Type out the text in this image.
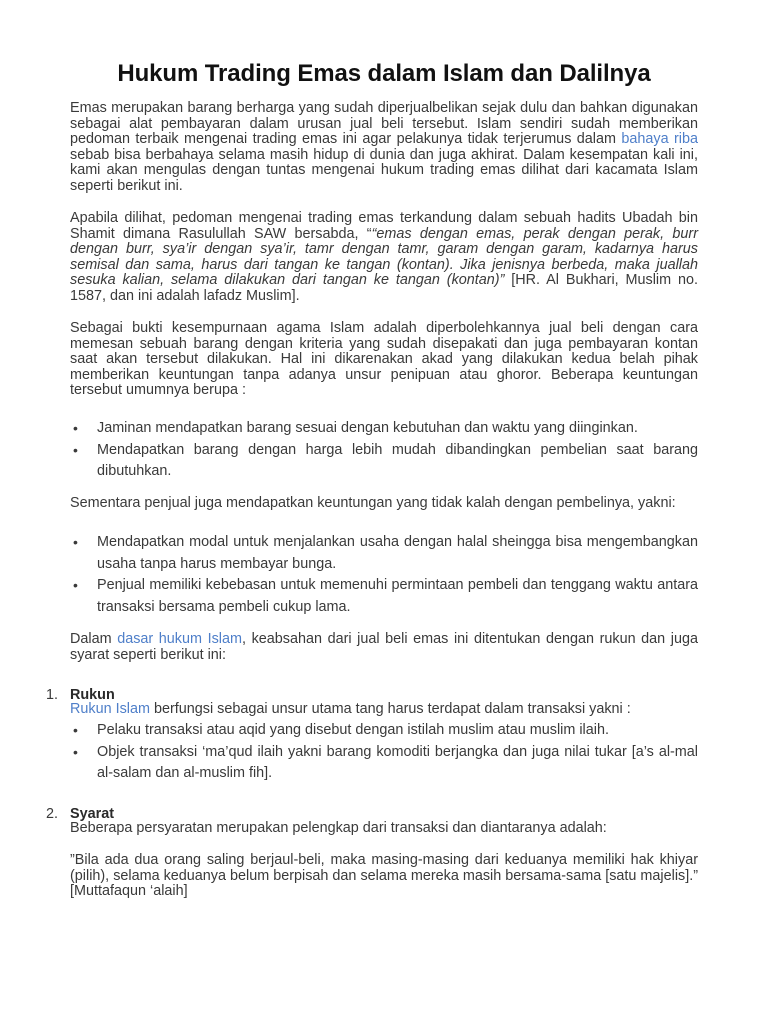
Hukum Trading Emas dalam Islam dan Dalilnya

Emas merupakan barang berharga yang sudah diperjualbelikan sejak dulu dan bahkan digunakan sebagai alat pembayaran dalam urusan jual beli tersebut. Islam sendiri sudah memberikan pedoman terbaik mengenai trading emas ini agar pelakunya tidak terjerumus dalam bahaya riba sebab bisa berbahaya selama masih hidup di dunia dan juga akhirat. Dalam kesempatan kali ini, kami akan mengulas dengan tuntas mengenai hukum trading emas dilihat dari kacamata Islam seperti berikut ini.

Apabila dilihat, pedoman mengenai trading emas terkandung dalam sebuah hadits Ubadah bin Shamit dimana Rasulullah SAW bersabda, ““emas dengan emas, perak dengan perak, burr dengan burr, sya’ir dengan sya’ir, tamr dengan tamr, garam dengan garam, kadarnya harus semisal dan sama, harus dari tangan ke tangan (kontan). Jika jenisnya berbeda, maka juallah sesuka kalian, selama dilakukan dari tangan ke tangan (kontan)” [HR. Al Bukhari, Muslim no. 1587, dan ini adalah lafadz Muslim].

Sebagai bukti kesempurnaan agama Islam adalah diperbolehkannya jual beli dengan cara memesan sebuah barang dengan kriteria yang sudah disepakati dan juga pembayaran kontan saat akan tersebut dilakukan. Hal ini dikarenakan akad yang dilakukan kedua belah pihak memberikan keuntungan tanpa adanya unsur penipuan atau ghoror. Beberapa keuntungan tersebut umumnya berupa :

• Jaminan mendapatkan barang sesuai dengan kebutuhan dan waktu yang diinginkan.
• Mendapatkan barang dengan harga lebih mudah dibandingkan pembelian saat barang dibutuhkan.

Sementara penjual juga mendapatkan keuntungan yang tidak kalah dengan pembelinya, yakni:

• Mendapatkan modal untuk menjalankan usaha dengan halal sheingga bisa mengembangkan usaha tanpa harus membayar bunga.
• Penjual memiliki kebebasan untuk memenuhi permintaan pembeli dan tenggang waktu antara transaksi bersama pembeli cukup lama.

Dalam dasar hukum Islam, keabsahan dari jual beli emas ini ditentukan dengan rukun dan juga syarat seperti berikut ini:

1. Rukun

Rukun Islam berfungsi sebagai unsur utama tang harus terdapat dalam transaksi yakni :

• Pelaku transaksi atau aqid yang disebut dengan istilah muslim atau muslim ilaih.
• Objek transaksi ‘ma’qud ilaih yakni barang komoditi berjangka dan juga nilai tukar [a’s al-mal al-salam dan al-muslim fih].
2. Syarat

Beberapa persyaratan merupakan pelengkap dari transaksi dan diantaranya adalah:

”Bila ada dua orang saling berjaul-beli, maka masing-masing dari keduanya memiliki hak khiyar (pilih), selama keduanya belum berpisah dan selama mereka masih bersama-sama [satu majelis].” [Muttafaqun ‘alaih]
